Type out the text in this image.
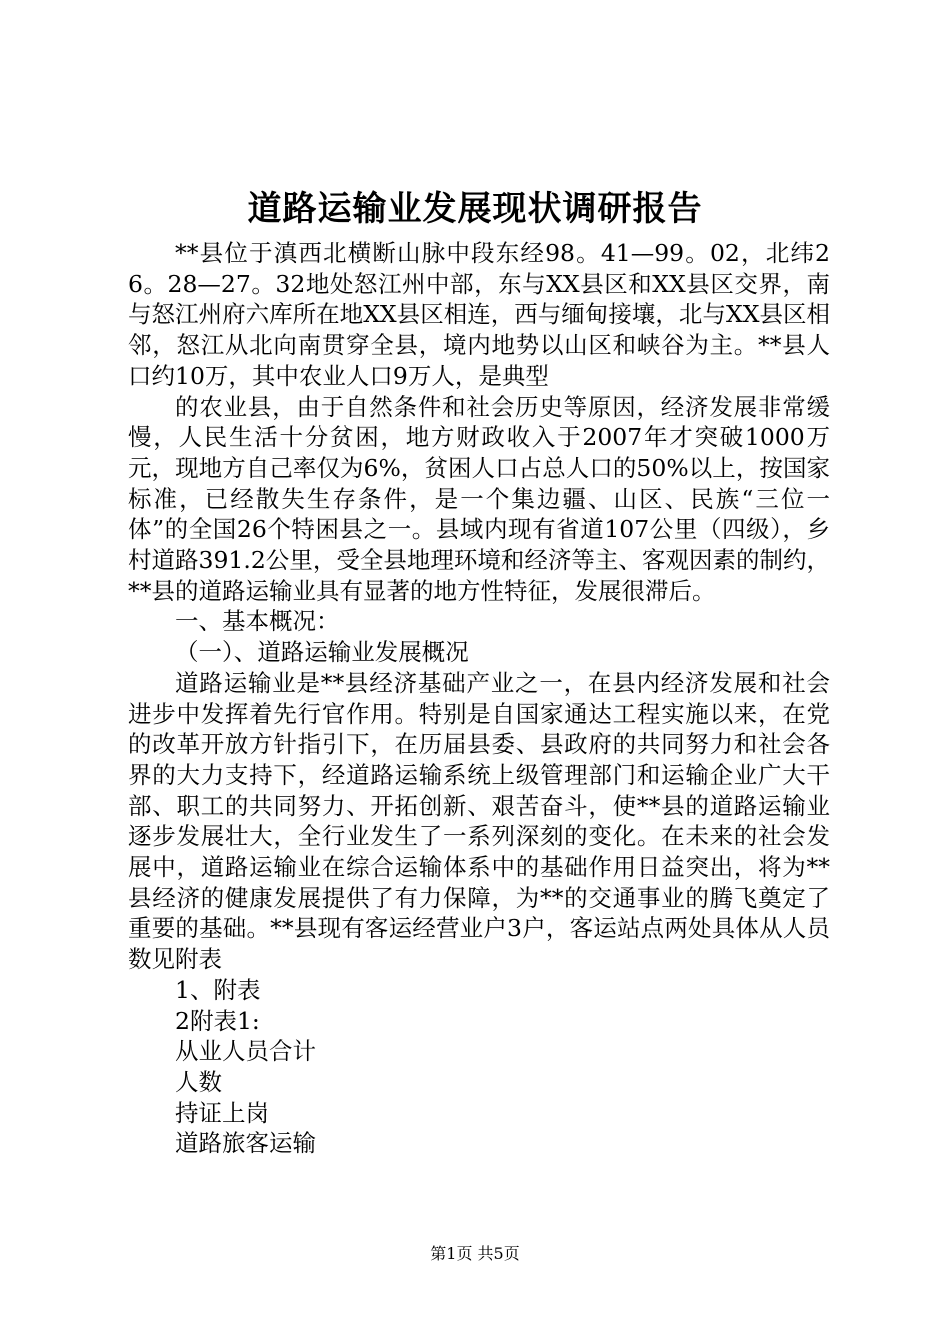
道路运输业发展现状调研报告

**县位于滇西北横断山脉中段东经98。41—99。02，北纬26。28—27。32地处怒江州中部，东与XX县区和XX县区交界，南与怒江州府六库所在地XX县区相连，西与缅甸接壤，北与XX县区相邻，怒江从北向南贯穿全县，境内地势以山区和峡谷为主。**县人口约10万，其中农业人口9万人，是典型

的农业县，由于自然条件和社会历史等原因，经济发展非常缓慢，人民生活十分贫困，地方财政收入于2007年才突破1000万元，现地方自己率仅为6%，贫困人口占总人口的50%以上，按国家标准，已经散失生存条件，是一个集边疆、山区、民族“三位一体”的全国26个特困县之一。县域内现有省道107公里（四级），乡村道路391.2公里，受全县地理环境和经济等主、客观因素的制约，**县的道路运输业具有显著的地方性特征，发展很滞后。

一、基本概况：

（一）、道路运输业发展概况

道路运输业是**县经济基础产业之一，在县内经济发展和社会进步中发挥着先行官作用。特别是自国家通达工程实施以来，在党的改革开放方针指引下，在历届县委、县政府的共同努力和社会各界的大力支持下，经道路运输系统上级管理部门和运输企业广大干部、职工的共同努力、开拓创新、艰苦奋斗，使**县的道路运输业逐步发展壮大，全行业发生了一系列深刻的变化。在未来的社会发展中，道路运输业在综合运输体系中的基础作用日益突出，将为**县经济的健康发展提供了有力保障，为**的交通事业的腾飞奠定了重要的基础。**县现有客运经营业户3户，客运站点两处具体从人员数见附表

1、附表

2附表1:

从业人员合计

人数

持证上岗

道路旅客运输

第1页 共5页
